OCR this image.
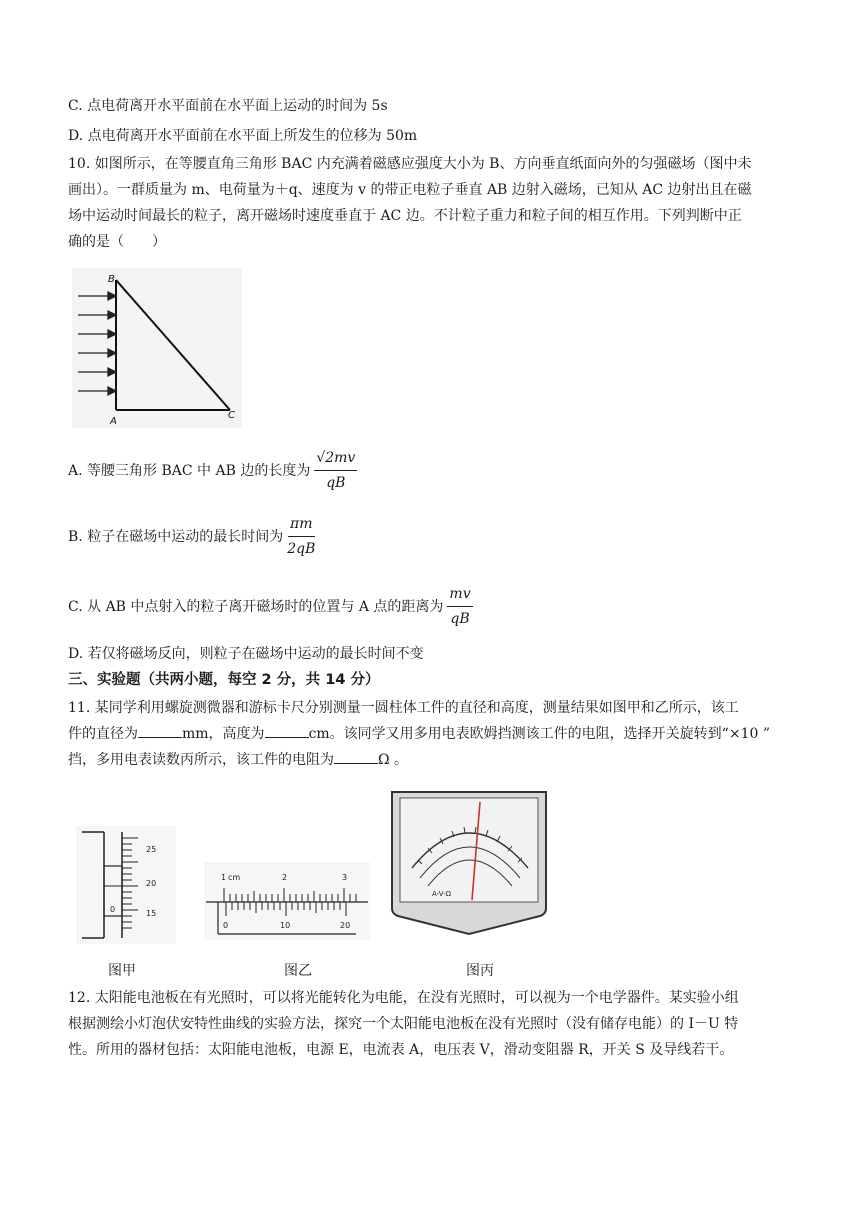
C. 点电荷离开水平面前在水平面上运动的时间为 5s
D. 点电荷离开水平面前在水平面上所发生的位移为 50m
10. 如图所示，在等腰直角三角形 BAC 内充满着磁感应强度大小为 B、方向垂直纸面向外的匀强磁场（图中未
画出）。一群质量为 m、电荷量为＋q、速度为 v 的带正电粒子垂直 AB 边射入磁场，已知从 AC 边射出且在磁
场中运动时间最长的粒子，离开磁场时速度垂直于 AC 边。不计粒子重力和粒子间的相互作用。下列判断中正
确的是（　　）
B
A
C
A. 等腰三角形 BAC 中 AB 边的长度为 $\frac{√2mv}{qB}$
B. 粒子在磁场中运动的最长时间为 $\frac{\pi m}{2qB}$
C. 从 AB 中点射入的粒子离开磁场时的位置与 A 点的距离为 $\frac{mv}{qB}$
D. 若仅将磁场反向，则粒子在磁场中运动的最长时间不变
三、实验题（共两小题，每空 2 分，共 14 分）
11. 某同学利用螺旋测微器和游标卡尺分别测量一圆柱体工件的直径和高度，测量结果如图甲和乙所示，该工
件的直径为	mm，高度为	cm。该同学又用多用电表欧姆挡测该工件的电阻，选择开关旋转到“×10 ”
挡，多用电表读数丙所示，该工件的电阻为	Ω 。
25
20
15
0
cm
1	2	3
0	10	20
A-V-Ω
图甲	图乙	图丙
12. 太阳能电池板在有光照时，可以将光能转化为电能，在没有光照时，可以视为一个电学器件。某实验小组
根据测绘小灯泡伏安特性曲线的实验方法，探究一个太阳能电池板在没有光照时（没有储存电能）的 I－U 特
性。所用的器材包括：太阳能电池板，电源 E，电流表 A，电压表 V，滑动变阻器 R，开关 S 及导线若干。
